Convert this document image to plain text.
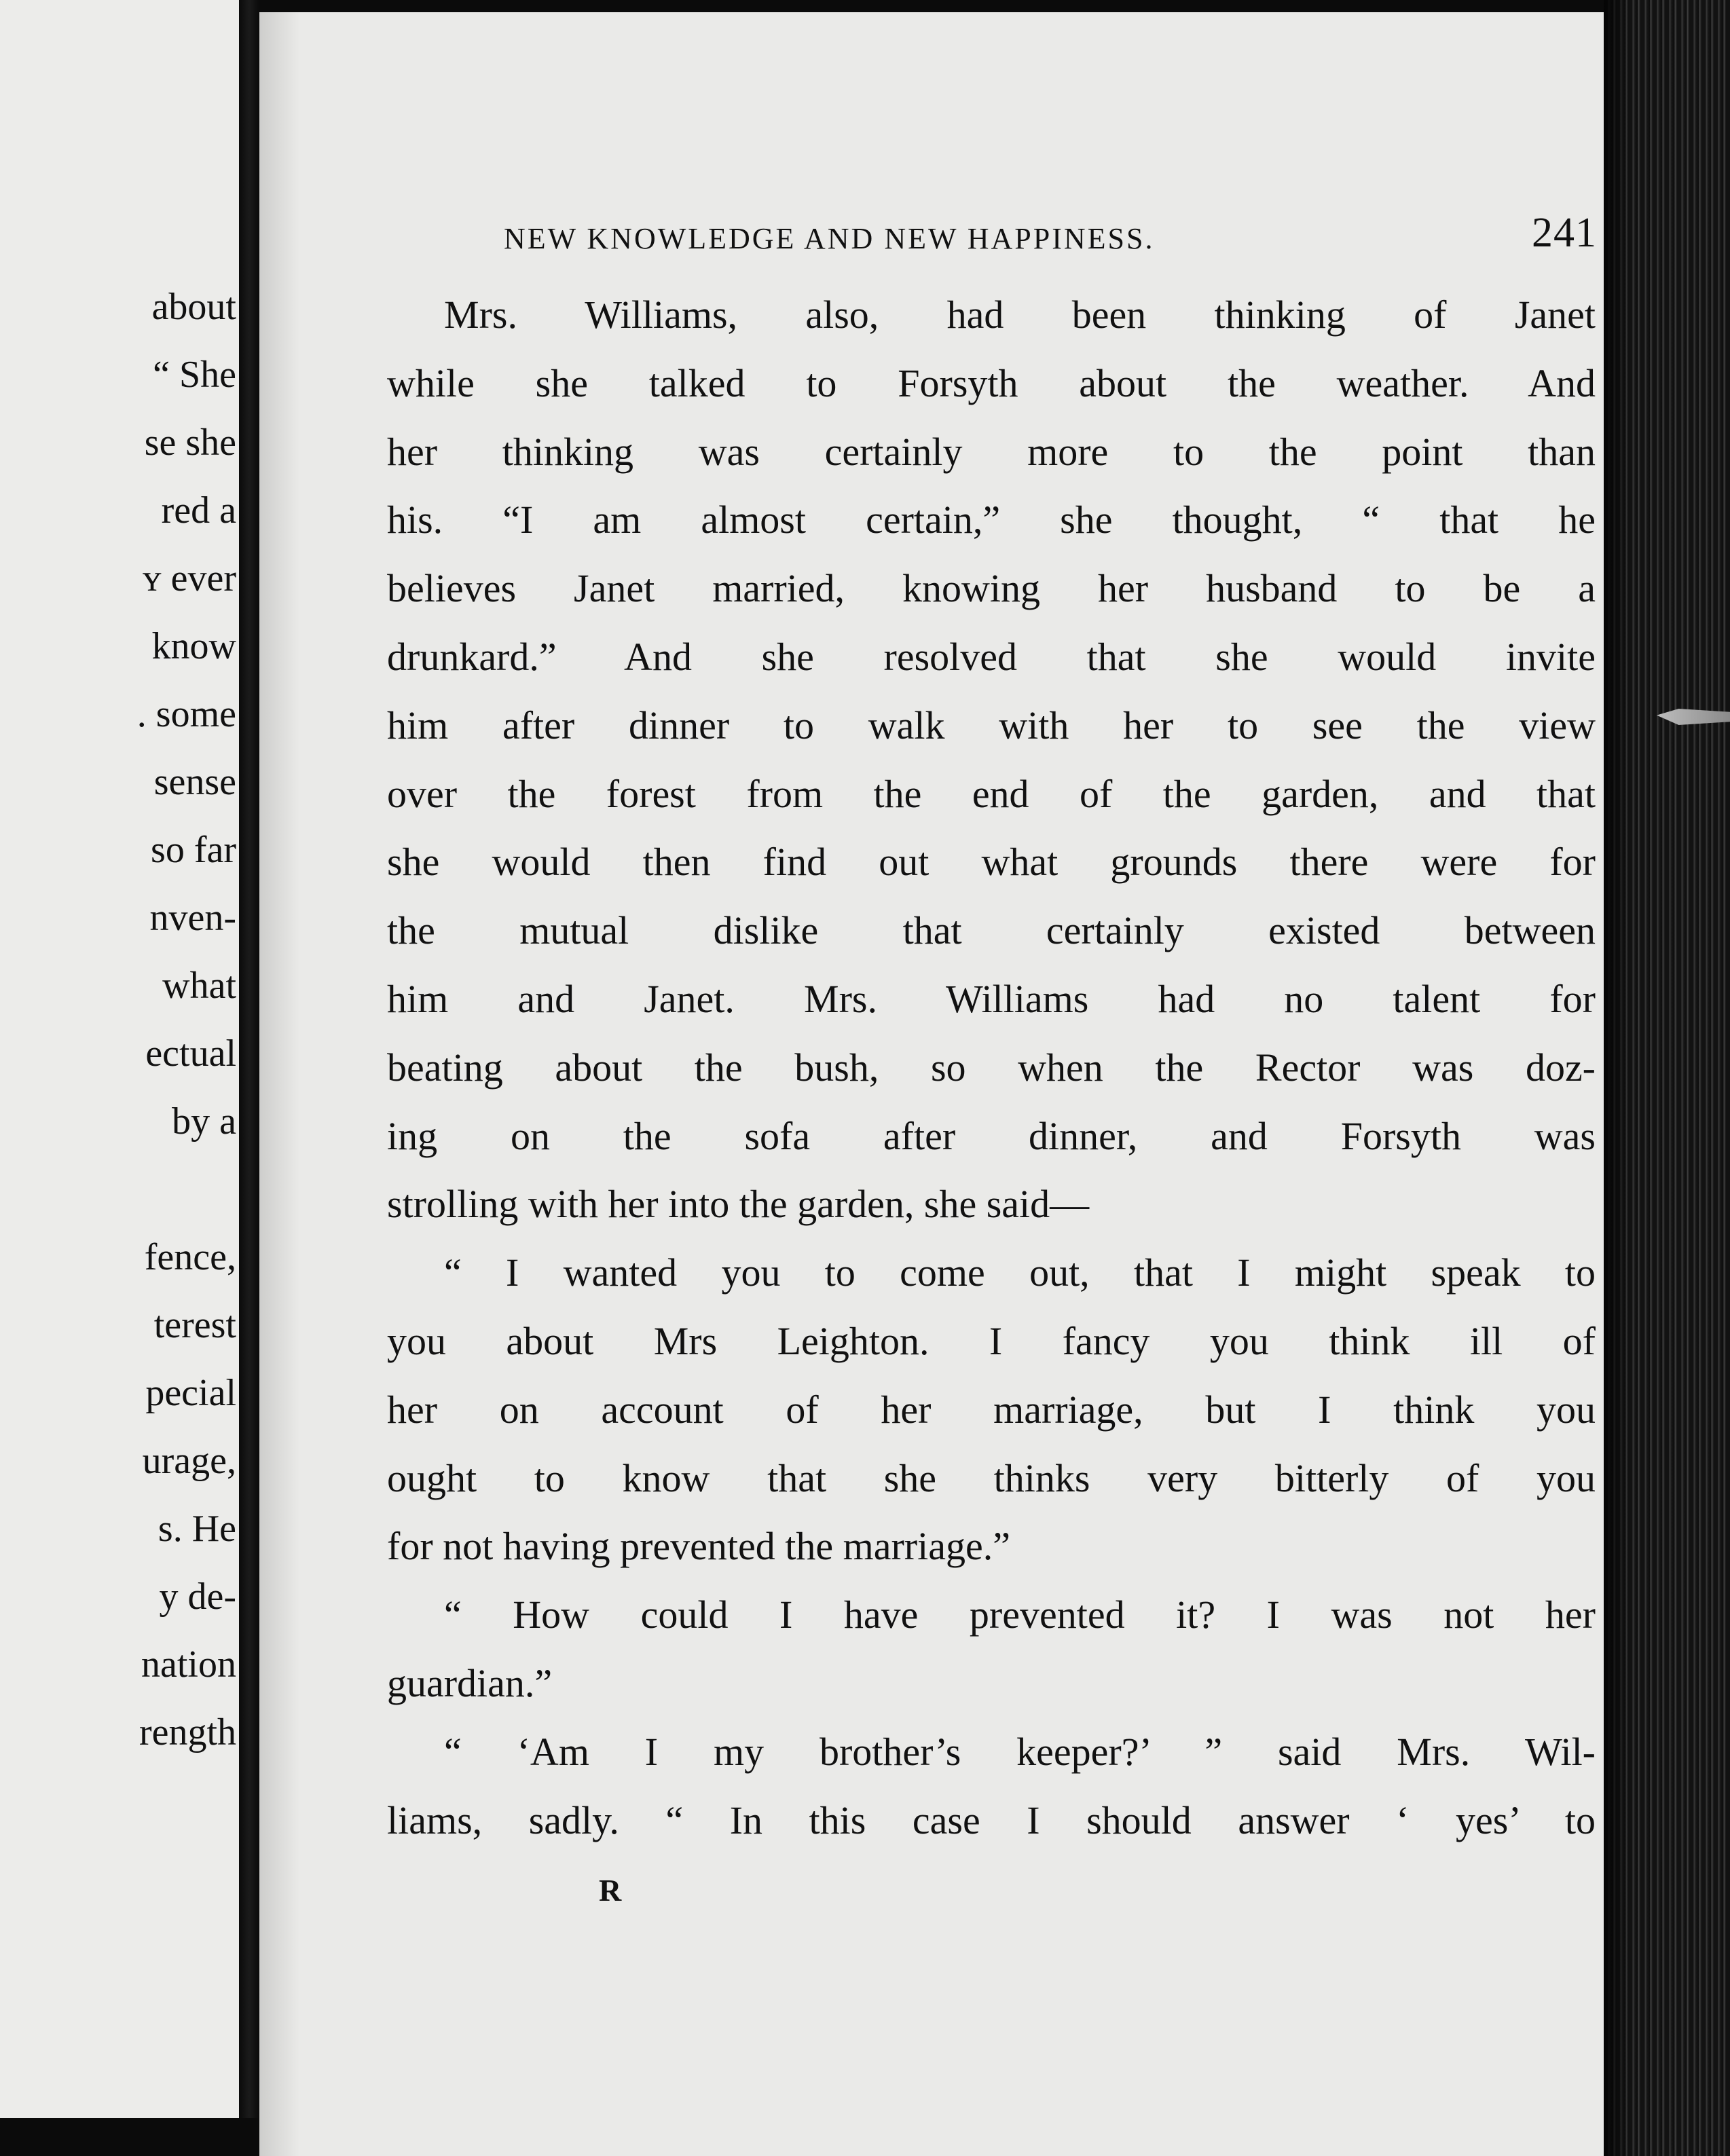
about
“ She
se she
red a
ʏ ever
know
. some
sense
so far
nven-
what
ectual
by a
fence,
terest
pecial
urage,
s. He
y de-
nation
rength
NEW KNOWLEDGE AND NEW HAPPINESS.	241
Mrs. Williams, also, had been thinking of Janet
while she talked to Forsyth about the weather. And
her thinking was certainly more to the point than
his. “I am almost certain,” she thought, “ that he
believes Janet married, knowing her husband to be a
drunkard.” And she resolved that she would invite
him after dinner to walk with her to see the view
over the forest from the end of the garden, and that
she would then find out what grounds there were for
the mutual dislike that certainly existed between
him and Janet. Mrs. Williams had no talent for
beating about the bush, so when the Rector was doz-
ing on the sofa after dinner, and Forsyth was
strolling with her into the garden, she said—
“ I wanted you to come out, that I might speak to
you about Mrs Leighton. I fancy you think ill of
her on account of her marriage, but I think you
ought to know that she thinks very bitterly of you
for not having prevented the marriage.”
“ How could I have prevented it? I was not her
guardian.”
“ ‘Am I my brother’s keeper?’ ” said Mrs. Wil-
liams, sadly. “ In this case I should answer ‘ yes’ to
R
